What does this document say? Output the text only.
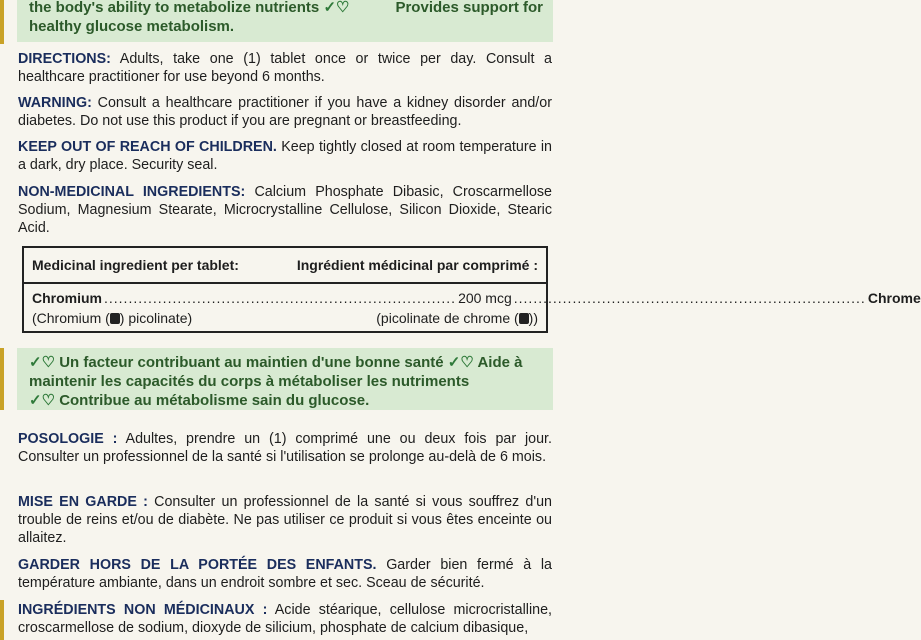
the body's ability to metabolize nutrients ✓♡	Provides support for
healthy glucose metabolism.
DIRECTIONS: Adults, take one (1) tablet once or twice per day. Consult a healthcare practitioner for use beyond 6 months.
WARNING: Consult a healthcare practitioner if you have a kidney disorder and/or diabetes. Do not use this product if you are pregnant or breastfeeding.
KEEP OUT OF REACH OF CHILDREN. Keep tightly closed at room temperature in a dark, dry place. Security seal.
NON-MEDICINAL INGREDIENTS: Calcium Phosphate Dibasic, Croscarmellose Sodium, Magnesium Stearate, Microcrystalline Cellulose, Silicon Dioxide, Stearic Acid.
Medicinal ingredient per tablet:	Ingrédient médicinal par comprimé :
Chromium ........................................................................ 200 mcg ........................................................................ Chrome
(Chromium ( ) picolinate)	(picolinate de chrome ( ))
✓♡ Un facteur contribuant au maintien d'une bonne santé ✓♡ Aide à
maintenir les capacités du corps à métaboliser les nutriments
✓♡ Contribue au métabolisme sain du glucose.
POSOLOGIE : Adultes, prendre un (1) comprimé une ou deux fois par jour. Consulter un professionnel de la santé si l'utilisation se prolonge au-delà de 6 mois.
MISE EN GARDE : Consulter un professionnel de la santé si vous souffrez d'un trouble de reins et/ou de diabète. Ne pas utiliser ce produit si vous êtes enceinte ou allaitez.
GARDER HORS DE LA PORTÉE DES ENFANTS. Garder bien fermé à la température ambiante, dans un endroit sombre et sec. Sceau de sécurité.
INGRÉDIENTS NON MÉDICINAUX : Acide stéarique, cellulose microcristalline, croscarmellose de sodium, dioxyde de silicium, phosphate de calcium dibasique,
